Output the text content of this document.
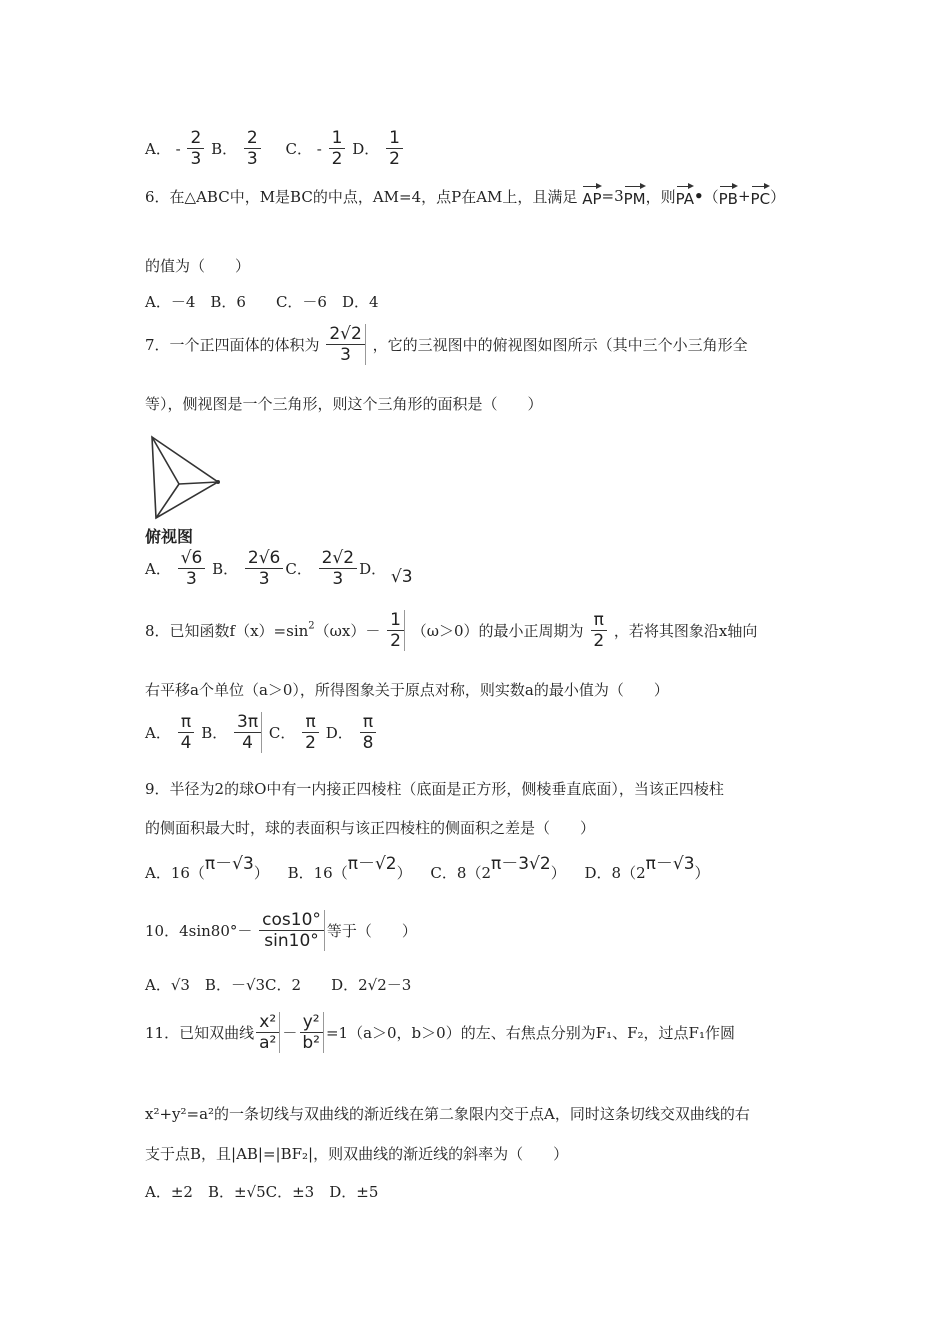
A． - $\frac{2}{3}$ B． $\frac{2}{3}$ C． - $\frac{1}{2}$ D． $\frac{1}{2}$
6．在△ABC中，M是BC的中点，AM=4，点P在AM上，且满足 AP=3PM，则PA•（PB+PC）
的值为（　　）
A．－4　B．6　　C．－6　D．4
7．一个正四面体的体积为 $\frac{2√2}{3}$ ，它的三视图中的俯视图如图所示（其中三个小三角形全
等），侧视图是一个三角形，则这个三角形的面积是（　　）
俯视图
A． $\frac{√6}{3}$ B． $\frac{2√6}{3}$ C． $\frac{2√2}{3}$ D． √3
8．已知函数$f(x)=\sin^2(\omega x)- \frac{1}{2} (\omega>0)$的最小正周期为 $\frac{\pi}{2}$ ，若将其图象沿x轴向
右平移a个单位（a＞0），所得图象关于原点对称，则实数a的最小值为（　　）
A． $\frac{\pi}{4}$ B． $\frac{3\pi}{4}$ C． $\frac{\pi}{2}$ D． $\frac{\pi}{8}$
9．半径为2的球O中有一内接正四棱柱（底面是正方形，侧棱垂直底面），当该正四棱柱
的侧面积最大时，球的表面积与该正四棱柱的侧面积之差是（　　）
A．16（π－√3） B．16（π－√2） C．8（2π－3√2） D．8（2π－√3）
10．$4\sin 80^\circ- \frac{\cos 10^\circ}{\sin 10^\circ}$ 等于（　　）
A．√3　B．－√3C．2　　D．2√2－3
11．已知双曲线 $\frac{\text{x²}}{\text{a²}} - \frac{\text{y²}}{\text{b²}} =1(a>0$，b＞0）的左、右焦点分别为F₁、F₂，过点F₁作圆
x²+y²=a²的一条切线与双曲线的渐近线在第二象限内交于点A，同时这条切线交双曲线的右
支于点B，且|AB|=|BF₂|，则双曲线的渐近线的斜率为（　　）
A．±2　B．±√5C．±3　D．±5
